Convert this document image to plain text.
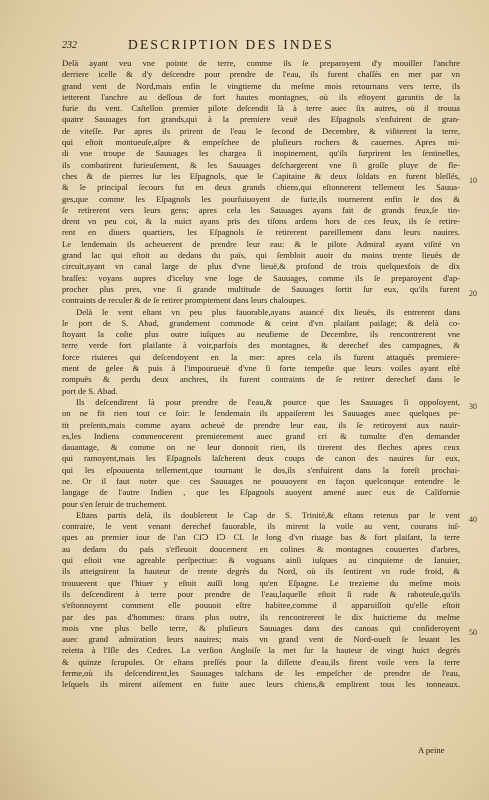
232	DESCRIPTION DES INDES
Delà ayant veu vne pointe de terre, comme ils ſe preparoyent d'y mouiller l'anchre
derriere icelle & d'y deſcendre pour prendre de l'eau, ils furent chaſſés en mer par vn
grand vent de Nord,mais enfin le vingtieme du meſme mois retournans vers terre, ils
ietterent l'anchre au deſſous de fort hautes montagnes, où ils eſtoyent garantis de la
furie du vent. Caſtellon premier pilote deſcendit là à terre auec ſix autres, où il trouua
quatre Sauuages fort grands,qui à la premiere veuë des Eſpagnols s'enfuirent de gran-
de viteſſe. Par apres ils prirent de l'eau le ſecond de Decembre, & viſiterent la terre,
qui eſtoit montueuſe,aſpre & empeſchee de pluſieurs rochers & cauernes. Apres mi-
di vne troupe de Sauuages les chargea ſi inopinement, qu'ils ſurprirent les ſentinelles,
ils combatirent furieuſement, & les Sauuages deſchargerent vne ſi groſſe pluye de fle-
ches & de pierres ſur les Eſpagnols, que le Capitaine & deux ſoldats en furent bleſſés,
& le principal ſecours fut en deux grands chiens,qui eſtonnerent tellement les Sauua-
ges,que comme les Eſpagnols les pourſuiuoyent de furie,ils tournerent enfin le dos &
ſe retirerent vers leurs gens; apres cela les Sauuages ayans fait de grands feux,ſe tin-
drent vn peu coi, & la nuict ayans pris des tiſons ardens hors de ces feux, ils ſe retire-
rent en diuers quartiers, les Eſpagnols ſe retirerent pareillement dans leurs nauires.
Le lendemain ils acheuerent de prendre leur eau: & le pilote Admiral ayant viſité vn
grand lac qui eſtoit au dedans du païs, qui ſembloit auoir du moins trente lieuës de
circuit,ayant vn canal large de plus d'vne lieuë,& profond de trois quelquesfois de dix
braſſes: voyans aupres d'iceluy vne loge de Sauuages, comme ils ſe preparoyent d'ap-
procher plus pres, vne ſi grande multitude de Sauuages ſortit ſur eux, qu'ils furent
contraints de reculer & de ſe retirer promptement dans leurs chaloupes.
Delà le vent eſtant vn peu plus fauorable,ayans auancé dix lieuës, ils entrerent dans
le port de S. Abad, grandement commode & ceint d'vn plaiſant paiſage; & delà co-
ſtoyant la coſte plus outre iuſques au neufieme de Decembre, ils rencontrerent vne
terre verde fort plaiſante à voir,parfois des montagnes, & derechef des campagnes, &
force riuieres qui deſcendoyent en la mer: apres cela ils furent attaqués premiere-
ment de gelee & puis à l'impourueuë d'vne ſi forte tempeſte que leurs voiles ayant eſté
rompuës & perdu deux anchres, ils furent contraints de ſe retirer derechef dans le
port de S. Abad.
Ils deſcendirent là pour prendre de l'eau,& pource que les Sauuages ſi oppoſoyent,
on ne fit rien tout ce ſoir: le lendemain ils appaiſerent les Sauuages auec quelques pe-
tit preſents,mais comme ayans acheué de prendre leur eau, ils ſe retiroyent aux nauir-
es,les Indiens commencerent premierement auec grand cri & tumulte d'en demander
dauantage, & comme on ne leur donnoit rien, ils tirerent des fleches apres ceux
qui ramoyent,mais les Eſpagnols laſcherent deux coups de canon des nauires ſur eux,
qui les eſpouuenta tellement,que tournant le dos,ils s'enfuirent dans la foreſt prochai-
ne. Or il faut noter que ces Sauuages ne pouuoyent en façon quelconque entendre le
langage de l'autre Indien , que les Eſpagnols auoyent amené auec eux de Californie
pour s'en ſeruir de truchement.
Eſtans partis delà, ils doublerent le Cap de S. Trinité,& eſtans retenus par le vent
contraire, le vent venant derechef fauorable, ils mirent la voile au vent, courans iuſ-
ques au premier iour de l'an CIↃ IↃ CI. le long d'vn riuage bas & fort plaiſant, la terre
au dedans du païs s'efleuoit doucement en colines & montagnes couuertes d'arbres,
qui eſtoit vne agreable perſpectiue: & voguans ainſi iuſques au cinquieme de Ianuier,
ils atteignirent la hauteur de trente degrés du Nord, où ils ſentirent vn rude froid, &
trouuerent que l'hiuer y eſtoit auſſi long qu'en Eſpagne. Le trezieme du meſme mois
ils deſcendirent à terre pour prendre de l'eau,laquelle eſtoit ſi rude & raboteuſe,qu'ils
s'eſtonnoyent comment elle pouuoit eſtre habitee,comme il apparoiſſoit qu'elle eſtoit
par des pas d'hommes: tirans plus outre, ils rencontrerent le dix huictieme du meſme
mois vne plus belle terre, & pluſieurs Sauuages dans des canoas qui conſideroyent
auec grand admiration leurs nauires; mais vn grand vent de Nord-oueſt ſe leuant les
reietta à l'Iſle des Cedres. La verſion Angloiſe la met ſur la hauteur de vingt huict degrés
& quinze ſcrupules. Or eſtans preſſés pour la diſſette d'eau,ils firent voile vers la terre
ferme,où ils deſcendirent,les Sauuages taſchans de les empeſcher de prendre de l'eau,
leſquels ils mirent aiſement en fuite auec leurs chiens,& emplirent tous les tonneaux.
10
20
30
40
50
A peine
